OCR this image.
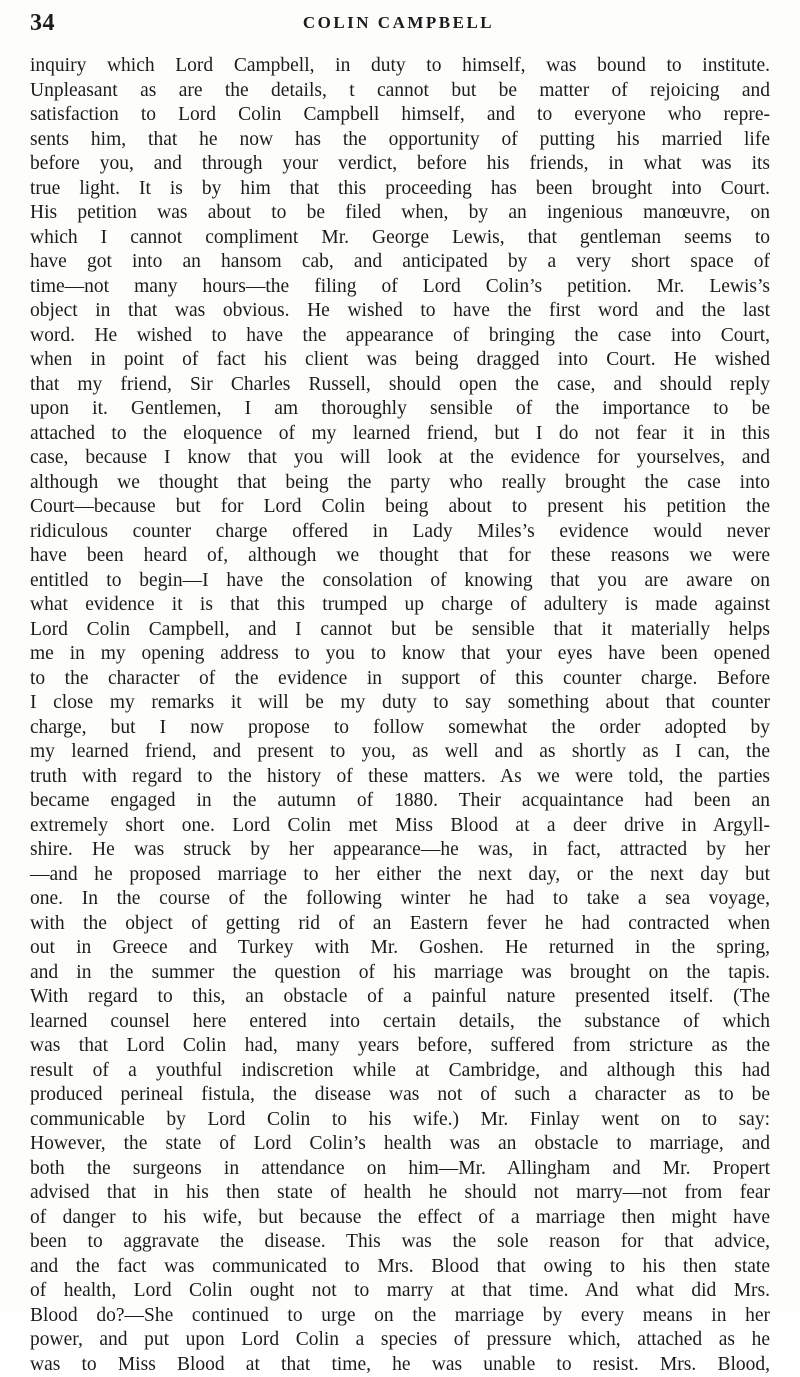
34	COLIN CAMPBELL
inquiry which Lord Campbell, in duty to himself, was bound to institute.
Unpleasant as are the details, t cannot but be matter of rejoicing and
satisfaction to Lord Colin Campbell himself, and to everyone who repre-
sents him, that he now has the opportunity of putting his married life
before you, and through your verdict, before his friends, in what was its
true light. It is by him that this proceeding has been brought into Court.
His petition was about to be filed when, by an ingenious manœuvre, on
which I cannot compliment Mr. George Lewis, that gentleman seems to
have got into an hansom cab, and anticipated by a very short space of
time—not many hours—the filing of Lord Colin’s petition. Mr. Lewis’s
object in that was obvious. He wished to have the first word and the last
word. He wished to have the appearance of bringing the case into Court,
when in point of fact his client was being dragged into Court. He wished
that my friend, Sir Charles Russell, should open the case, and should reply
upon it. Gentlemen, I am thoroughly sensible of the importance to be
attached to the eloquence of my learned friend, but I do not fear it in this
case, because I know that you will look at the evidence for yourselves, and
although we thought that being the party who really brought the case into
Court—because but for Lord Colin being about to present his petition the
ridiculous counter charge offered in Lady Miles’s evidence would never
have been heard of, although we thought that for these reasons we were
entitled to begin—I have the consolation of knowing that you are aware on
what evidence it is that this trumped up charge of adultery is made against
Lord Colin Campbell, and I cannot but be sensible that it materially helps
me in my opening address to you to know that your eyes have been opened
to the character of the evidence in support of this counter charge. Before
I close my remarks it will be my duty to say something about that counter
charge, but I now propose to follow somewhat the order adopted by
my learned friend, and present to you, as well and as shortly as I can, the
truth with regard to the history of these matters. As we were told, the parties
became engaged in the autumn of 1880. Their acquaintance had been an
extremely short one. Lord Colin met Miss Blood at a deer drive in Argyll-
shire. He was struck by her appearance—he was, in fact, attracted by her
—and he proposed marriage to her either the next day, or the next day but
one. In the course of the following winter he had to take a sea voyage,
with the object of getting rid of an Eastern fever he had contracted when
out in Greece and Turkey with Mr. Goshen. He returned in the spring,
and in the summer the question of his marriage was brought on the tapis.
With regard to this, an obstacle of a painful nature presented itself. (The
learned counsel here entered into certain details, the substance of which
was that Lord Colin had, many years before, suffered from stricture as the
result of a youthful indiscretion while at Cambridge, and although this had
produced perineal fistula, the disease was not of such a character as to be
communicable by Lord Colin to his wife.) Mr. Finlay went on to say:
However, the state of Lord Colin’s health was an obstacle to marriage, and
both the surgeons in attendance on him—Mr. Allingham and Mr. Propert
advised that in his then state of health he should not marry—not from fear
of danger to his wife, but because the effect of a marriage then might have
been to aggravate the disease. This was the sole reason for that advice,
and the fact was communicated to Mrs. Blood that owing to his then state
of health, Lord Colin ought not to marry at that time. And what did Mrs.
Blood do?—She continued to urge on the marriage by every means in her
power, and put upon Lord Colin a species of pressure which, attached as he
was to Miss Blood at that time, he was unable to resist. Mrs. Blood,
